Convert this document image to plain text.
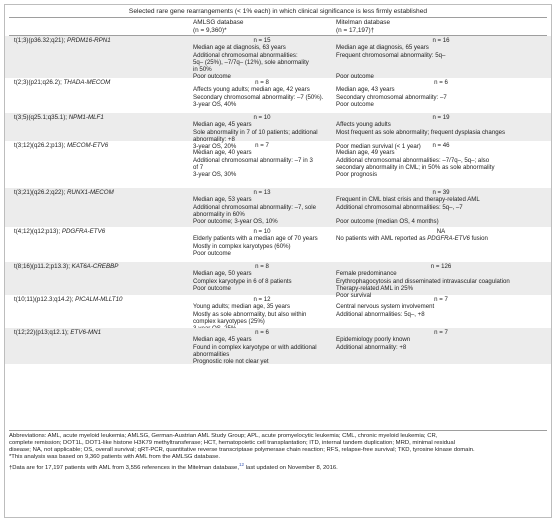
Selected rare gene rearrangements (< 1% each) in which clinical significance is less firmly established
AMLSG database
(n = 9,360)*
Mitelman database
(n = 17,197)†
t(1;3)(p36.32;q21); PRDM16-RPN1	n = 15
Median age at diagnosis, 63 years
Additional chromosomal abnormalities:
5q– (25%), –7/7q– (12%), sole abnormality
in 50%
Poor outcome
n = 16
Median age at diagnosis, 65 years
Frequent chromosomal abnormality: 5q–

Poor outcome
t(2;3)(p21;q26.2); THADA-MECOM	n = 8
Affects young adults; median age, 42 years
Secondary chromosomal abnormality: –7 (50%).
3-year OS, 40%
n = 6
Median age, 43 years
Secondary chromosomal abnormality: –7
Poor outcome
t(3;5)(q25.1;q35.1); NPM1-MLF1	n = 10
Median age, 45 years
Sole abnormality in 7 of 10 patients; additional
abnormality: +8
3-year OS, 20%
n = 19
Affects young adults
Most frequent as sole abnormality; frequent dysplasia changes

Poor median survival (< 1 year)
t(3;12)(q26.2;p13); MECOM-ETV6	n = 7
Median age, 40 years
Additional chromosomal abnormality: –7 in 3
of 7
3-year OS, 30%
n = 46
Median age, 49 years
Additional chromosomal abnormalities: –7/7q–, 5q–; also
secondary abnormality in CML; in 50% as sole abnormality
Poor prognosis
t(3;21)(q26.2;q22); RUNX1-MECOM	n = 13
Median age, 53 years
Additional chromosomal abnormality: –7, sole
abnormality in 60%
Poor outcome; 3-year OS, 10%
n = 39
Frequent in CML blast crisis and therapy-related AML
Additional chromosomal abnormalities: 5q–, –7

Poor outcome (median OS, 4 months)
t(4;12)(q12;p13); PDGFRA-ETV6	n = 10
Elderly patients with a median age of 70 years
Mostly in complex karyotypes (60%)
Poor outcome
NA
No patients with AML reported as PDGFRA-ETV6 fusion
t(8;16)(p11.2;p13.3); KAT6A-CREBBP	n = 8
Median age, 50 years
Complex karyotype in 6 of 8 patients
Poor outcome
n = 126
Female predominance
Erythrophagocytosis and disseminated intravascular coagulation
Therapy-related AML in 25%
Poor survival
t(10;11)(p12.3;q14.2); PICALM-MLLT10	n = 12
Young adults; median age, 35 years
Mostly as sole abnormality, but also within
complex karyotypes (25%)
n = 7
Central nervous system involvement
Additional abnormalities: 5q–, +8
t(12;22)(p13;q12.1); ETV6-MN1	n = 6
Median age, 45 years
Found in complex karyotype or with additional
abnormalities
Prognostic role not clear yet
n = 7
Epidemiology poorly known
Additional abnormality: +8
Abbreviations: AML, acute myeloid leukemia; AMLSG, German-Austrian AML Study Group; APL, acute promyelocytic leukemia; CML, chronic myeloid leukemia; CR,
complete remission; DOT1L, DOT1-like histone H3K79 methyltransferase; HCT, hematopoietic cell transplantation; ITD, internal tandem duplication; MRD, minimal residual
disease; NA, not applicable; OS, overall survival; qRT-PCR, quantitative reverse transcriptase polymerase chain reaction; RFS, relapse-free survival; TKD, tyrosine kinase domain.
*This analysis was based on 9,360 patients with AML from the AMLSG database.
†Data are for 17,197 patients with AML from 3,556 references in the Mitelman database,$^{12}$ last updated on November 8, 2016.
